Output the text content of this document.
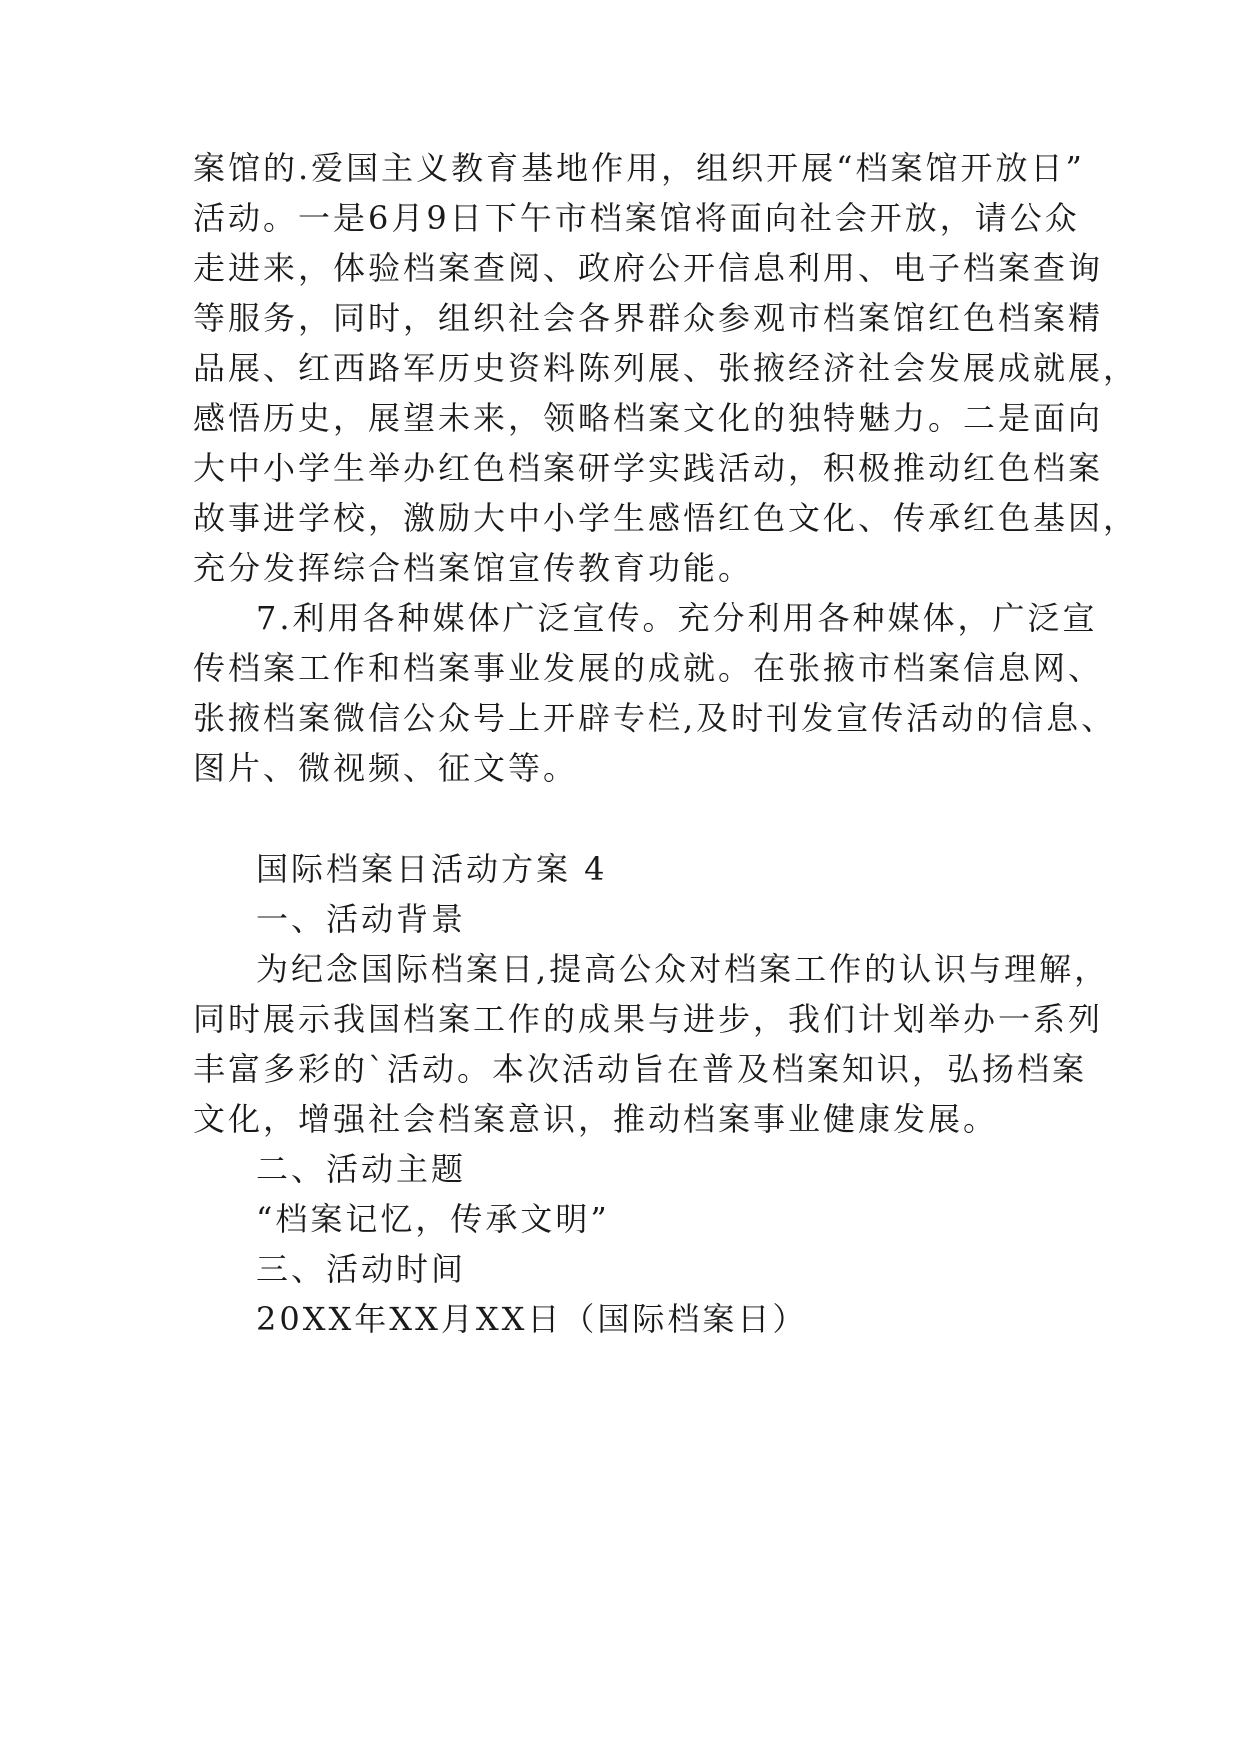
案馆的.爱国主义教育基地作用，组织开展“档案馆开放日”
活动。一是6月9日下午市档案馆将面向社会开放，请公众
走进来，体验档案查阅、政府公开信息利用、电子档案查询
等服务，同时，组织社会各界群众参观市档案馆红色档案精
品展、红西路军历史资料陈列展、张掖经济社会发展成就展，
感悟历史，展望未来，领略档案文化的独特魅力。二是面向
大中小学生举办红色档案研学实践活动，积极推动红色档案
故事进学校，激励大中小学生感悟红色文化、传承红色基因，
充分发挥综合档案馆宣传教育功能。
7.利用各种媒体广泛宣传。充分利用各种媒体，广泛宣
传档案工作和档案事业发展的成就。在张掖市档案信息网、
张掖档案微信公众号上开辟专栏,及时刊发宣传活动的信息、
图片、微视频、征文等。
国际档案日活动方案 4
一、活动背景
为纪念国际档案日,提高公众对档案工作的认识与理解，
同时展示我国档案工作的成果与进步，我们计划举办一系列
丰富多彩的`活动。本次活动旨在普及档案知识，弘扬档案
文化，增强社会档案意识，推动档案事业健康发展。
二、活动主题
“档案记忆，传承文明”
三、活动时间
20XX年XX月XX日（国际档案日）
